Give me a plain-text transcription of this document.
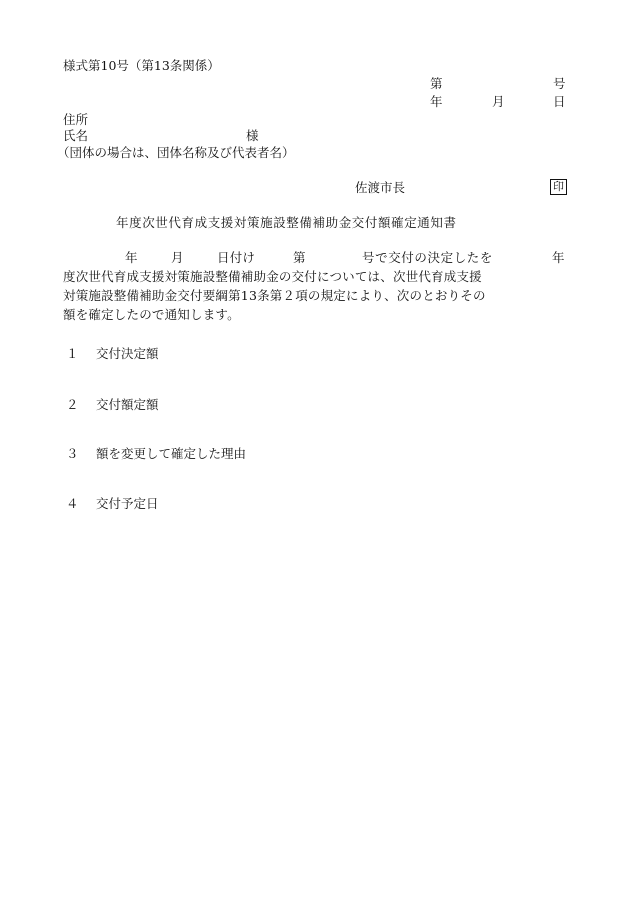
様式第10号（第13条関係）
第	号
年	月	日
住所
氏名	様
（団体の場合は、団体名称及び代表者名）
佐渡市長	印
年度次世代育成支援対策施設整備補助金交付額確定通知書
年	月	日付け	第	号で交付の決定したを	年
度次世代育成支援対策施設整備補助金の交付については、次世代育成支援
対策施設整備補助金交付要綱第13条第２項の規定により、次のとおりその
額を確定したので通知します。
１ 交付決定額
２ 交付額定額
３ 額を変更して確定した理由
４ 交付予定日
